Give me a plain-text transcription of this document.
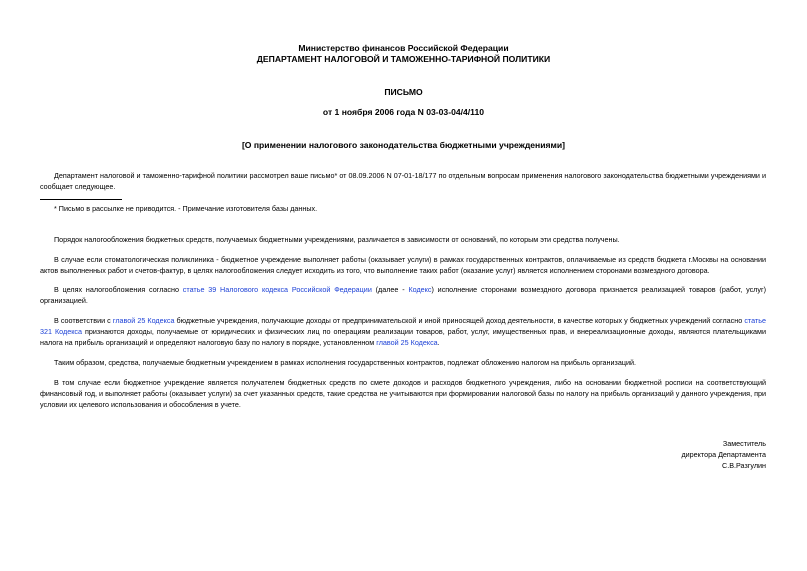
Министерство финансов Российской Федерации
ДЕПАРТАМЕНТ НАЛОГОВОЙ И ТАМОЖЕННО-ТАРИФНОЙ ПОЛИТИКИ
ПИСЬМО
от 1 ноября 2006 года N 03-03-04/4/110
[О применении налогового законодательства бюджетными учреждениями]
Департамент налоговой и таможенно-тарифной политики рассмотрел ваше письмо* от 08.09.2006 N 07-01-18/177 по отдельным вопросам применения налогового законодательства бюджетными учреждениями и сообщает следующее.
* Письмо в рассылке не приводится. - Примечание изготовителя базы данных.
Порядок налогообложения бюджетных средств, получаемых бюджетными учреждениями, различается в зависимости от оснований, по которым эти средства получены.
В случае если стоматологическая поликлиника - бюджетное учреждение выполняет работы (оказывает услуги) в рамках государственных контрактов, оплачиваемые из средств бюджета г.Москвы на основании актов выполненных работ и счетов-фактур, в целях налогообложения следует исходить из того, что выполнение таких работ (оказание услуг) является исполнением сторонами возмездного договора.
В целях налогообложения согласно статье 39 Налогового кодекса Российской Федерации (далее - Кодекс) исполнение сторонами возмездного договора признается реализацией товаров (работ, услуг) организацией.
В соответствии с главой 25 Кодекса бюджетные учреждения, получающие доходы от предпринимательской и иной приносящей доход деятельности, в качестве которых у бюджетных учреждений согласно статье 321 Кодекса признаются доходы, получаемые от юридических и физических лиц по операциям реализации товаров, работ, услуг, имущественных прав, и внереализационные доходы, являются плательщиками налога на прибыль организаций и определяют налоговую базу по налогу в порядке, установленном главой 25 Кодекса.
Таким образом, средства, получаемые бюджетным учреждением в рамках исполнения государственных контрактов, подлежат обложению налогом на прибыль организаций.
В том случае если бюджетное учреждение является получателем бюджетных средств по смете доходов и расходов бюджетного учреждения, либо на основании бюджетной росписи на соответствующий финансовый год, и выполняет работы (оказывает услуги) за счет указанных средств, такие средства не учитываются при формировании налоговой базы по налогу на прибыль организаций у данного учреждения, при условии их целевого использования и обособления в учете.
Заместитель
директора Департамента
С.В.Разгулин
